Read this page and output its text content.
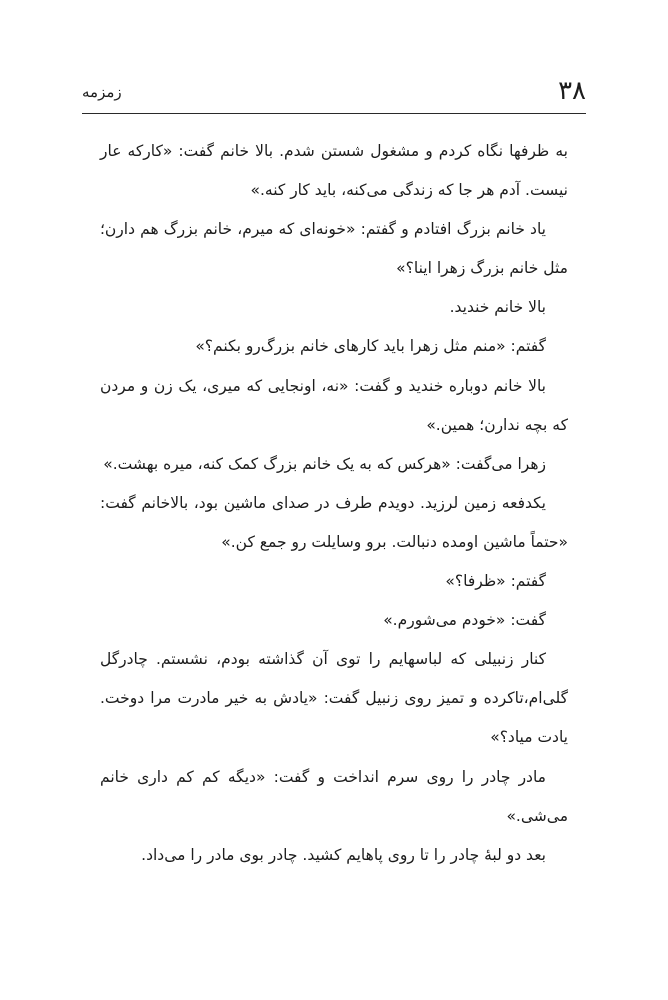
۳۸
زمزمه

به ظرفها نگاه کردم و مشغول شستن شدم. بالا خانم گفت: «کارکه عار نیست. آدم هر جا که زندگی می‌کنه، باید کار کنه.»

یاد خانم بزرگ افتادم و گفتم: «خونه‌ای که میرم، خانم بزرگ هم دارن؛ مثل خانم بزرگ زهرا اینا؟»

بالا خانم خندید.

گفتم: «منم مثل زهرا باید کارهای خانم بزرگ‌رو بکنم؟»

بالا خانم دوباره خندید و گفت: «نه، اونجایی که میری، یک زن و مردن که بچه ندارن؛ همین.»

زهرا می‌گفت: «هرکس که به یک خانم بزرگ کمک کنه، میره بهشت.»

یکدفعه زمین لرزید. دویدم طرف در صدای ماشین بود، بالاخانم گفت: «حتماً ماشین اومده دنبالت. برو وسایلت رو جمع کن.»

گفتم: «ظرفا؟»

گفت: «خودم می‌شورم.»

کنار زنبیلی که لباسهایم را توی آن گذاشته بودم، نشستم. چادرگل گلی‌ام،تاکرده و تمیز روی زنبیل گفت: «یادش به خیر مادرت مرا دوخت. یادت میاد؟»

مادر چادر را روی سرم انداخت و گفت: «دیگه کم کم داری خانم می‌شی.»

بعد دو لبهٔ چادر را تا روی پاهایم کشید. چادر بوی مادر را می‌داد.
